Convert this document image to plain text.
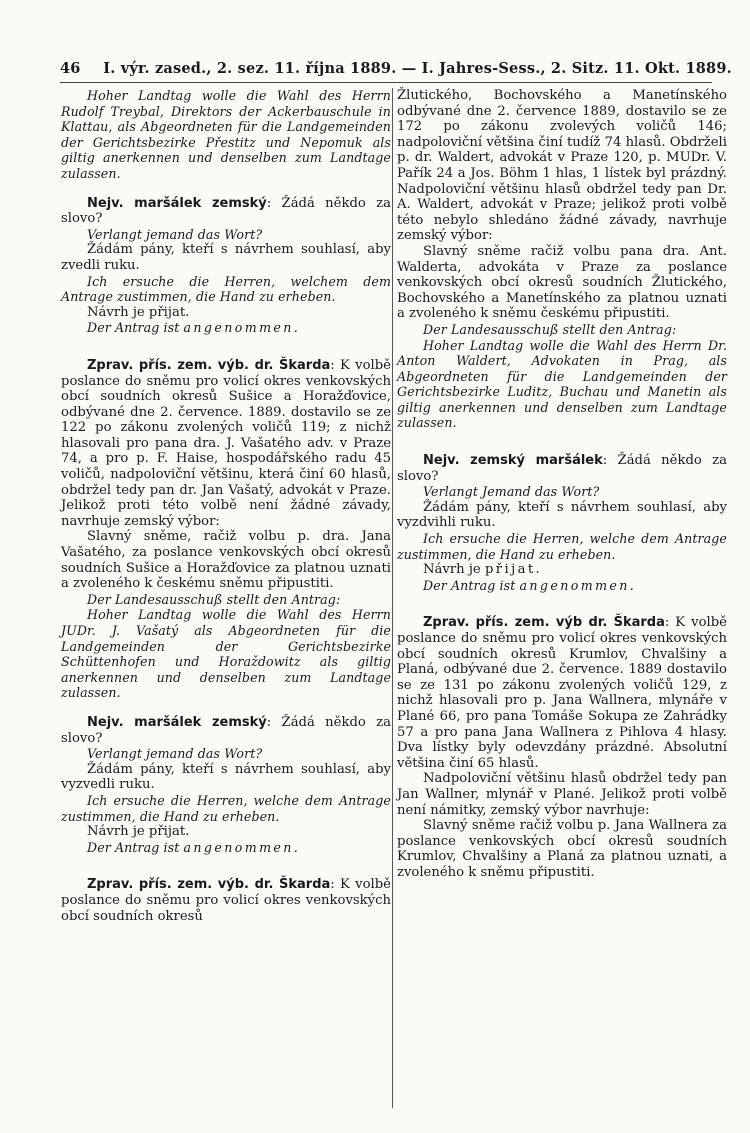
46 I. výr. zased., 2. sez. 11. října 1889. — I. Jahres-Sess., 2. Sitz. 11. Okt. 1889.

Hoher Landtag wolle die Wahl des Herrn Rudolf Treybal, Direktors der Ackerbauschule in Klattau, als Abgeordneten für die Landgemeinden der Gerichtsbezirke Přestitz und Nepomuk als giltig anerkennen und denselben zum Landtage zulassen.

Nejv. maršálek zemský: Žádá někdo za slovo?

Verlangt jemand das Wort?

Žádám pány, kteří s návrhem souhlasí, aby zvedli ruku.

Ich ersuche die Herren, welchem dem Antrage zustimmen, die Hand zu erheben.

Návrh je přijat.

Der Antrag ist angenommen.

Zprav. přís. zem. výb. dr. Škarda: K volbě poslance do sněmu pro volicí okres venkovských obcí soudních okresů Sušice a Horažďovice, odbývané dne 2. července. 1889. dostavilo se ze 122 po zákonu zvolených voličů 119; z nichž hlasovali pro pana dra. J. Vašatého adv. v Praze 74, a pro p. F. Haise, hospodářského radu 45 voličů, nadpoloviční většinu, která činí 60 hlasů, obdržel tedy pan dr. Jan Vašatý, advokát v Praze. Jelikož proti této volbě není žádné závady, navrhuje zemský výbor:

Slavný sněme, račiž volbu p. dra. Jana Vašatého, za poslance venkovských obcí okresů soudních Sušice a Horažďovice za platnou uznati a zvoleného k českému sněmu připustiti.

Der Landesausschuß stellt den Antrag:

Hoher Landtag wolle die Wahl des Herrn JUDr. J. Vašatý als Abgeordneten für die Landgemeinden der Gerichtsbezirke Schüttenhofen und Horaždowitz als giltig anerkennen und denselben zum Landtage zulassen.

Nejv. maršálek zemský: Žádá někdo za slovo?

Verlangt jemand das Wort?

Žádám pány, kteří s návrhem souhlasí, aby vyzvedli ruku.

Ich ersuche die Herren, welche dem Antrage zustimmen, die Hand zu erheben.

Návrh je přijat.

Der Antrag ist angenommen.

Zprav. přís. zem. výb. dr. Škarda: K volbě poslance do sněmu pro volicí okres venkovských obcí soudních okresů

Žlutického, Bochovského a Manetínského odbývané dne 2. července 1889, dostavilo se ze 172 po zákonu zvolevých voličů 146; nadpoloviční většina činí tudíž 74 hlasů. Obdrželi p. dr. Waldert, advokát v Praze 120, p. MUDr. V. Pařík 24 a Jos. Böhm 1 hlas, 1 lístek byl prázdný. Nadpoloviční většinu hlasů obdržel tedy pan Dr. A. Waldert, advokát v Praze; jelikož proti volbě této nebylo shledáno žádné závady, navrhuje zemský výbor:

Slavný sněme račiž volbu pana dra. Ant. Walderta, advokáta v Praze za poslance venkovských obcí okresů soudních Žlutického, Bochovského a Manetínského za platnou uznati a zvoleného k sněmu českému připustiti.

Der Landesausschuß stellt den Antrag:

Hoher Landtag wolle die Wahl des Herrn Dr. Anton Waldert, Advokaten in Prag, als Abgeordneten für die Landgemeinden der Gerichtsbezirke Luditz, Buchau und Manetin als giltig anerkennen und denselben zum Landtage zulassen.

Nejv. zemský maršálek: Žádá někdo za slovo?

Verlangt Jemand das Wort?

Žádám pány, kteří s návrhem souhlasí, aby vyzdvihli ruku.

Ich ersuche die Herren, welche dem Antrage zustimmen, die Hand zu erheben.

Návrh je přijat.

Der Antrag ist angenommen.

Zprav. přís. zem. výb dr. Škarda: K volbě poslance do sněmu pro volicí okres venkovských obcí soudních okresů Krumlov, Chvalšiny a Planá, odbývané due 2. července. 1889 dostavilo se ze 131 po zákonu zvolených voličů 129, z nichž hlasovali pro p. Jana Wallnera, mlynáře v Plané 66, pro pana Tomáše Sokupa ze Zahrádky 57 a pro pana Jana Wallnera z Pihlova 4 hlasy. Dva lístky byly odevzdány prázdné. Absolutní většina činí 65 hlasů.

Nadpoloviční většinu hlasů obdržel tedy pan Jan Wallner, mlynář v Plané. Jelikož proti volbě není námitky, zemský výbor navrhuje:

Slavný sněme račiž volbu p. Jana Wallnera za poslance venkovských obcí okresů soudních Krumlov, Chvalšiny a Planá za platnou uznati, a zvoleného k sněmu připustiti.
